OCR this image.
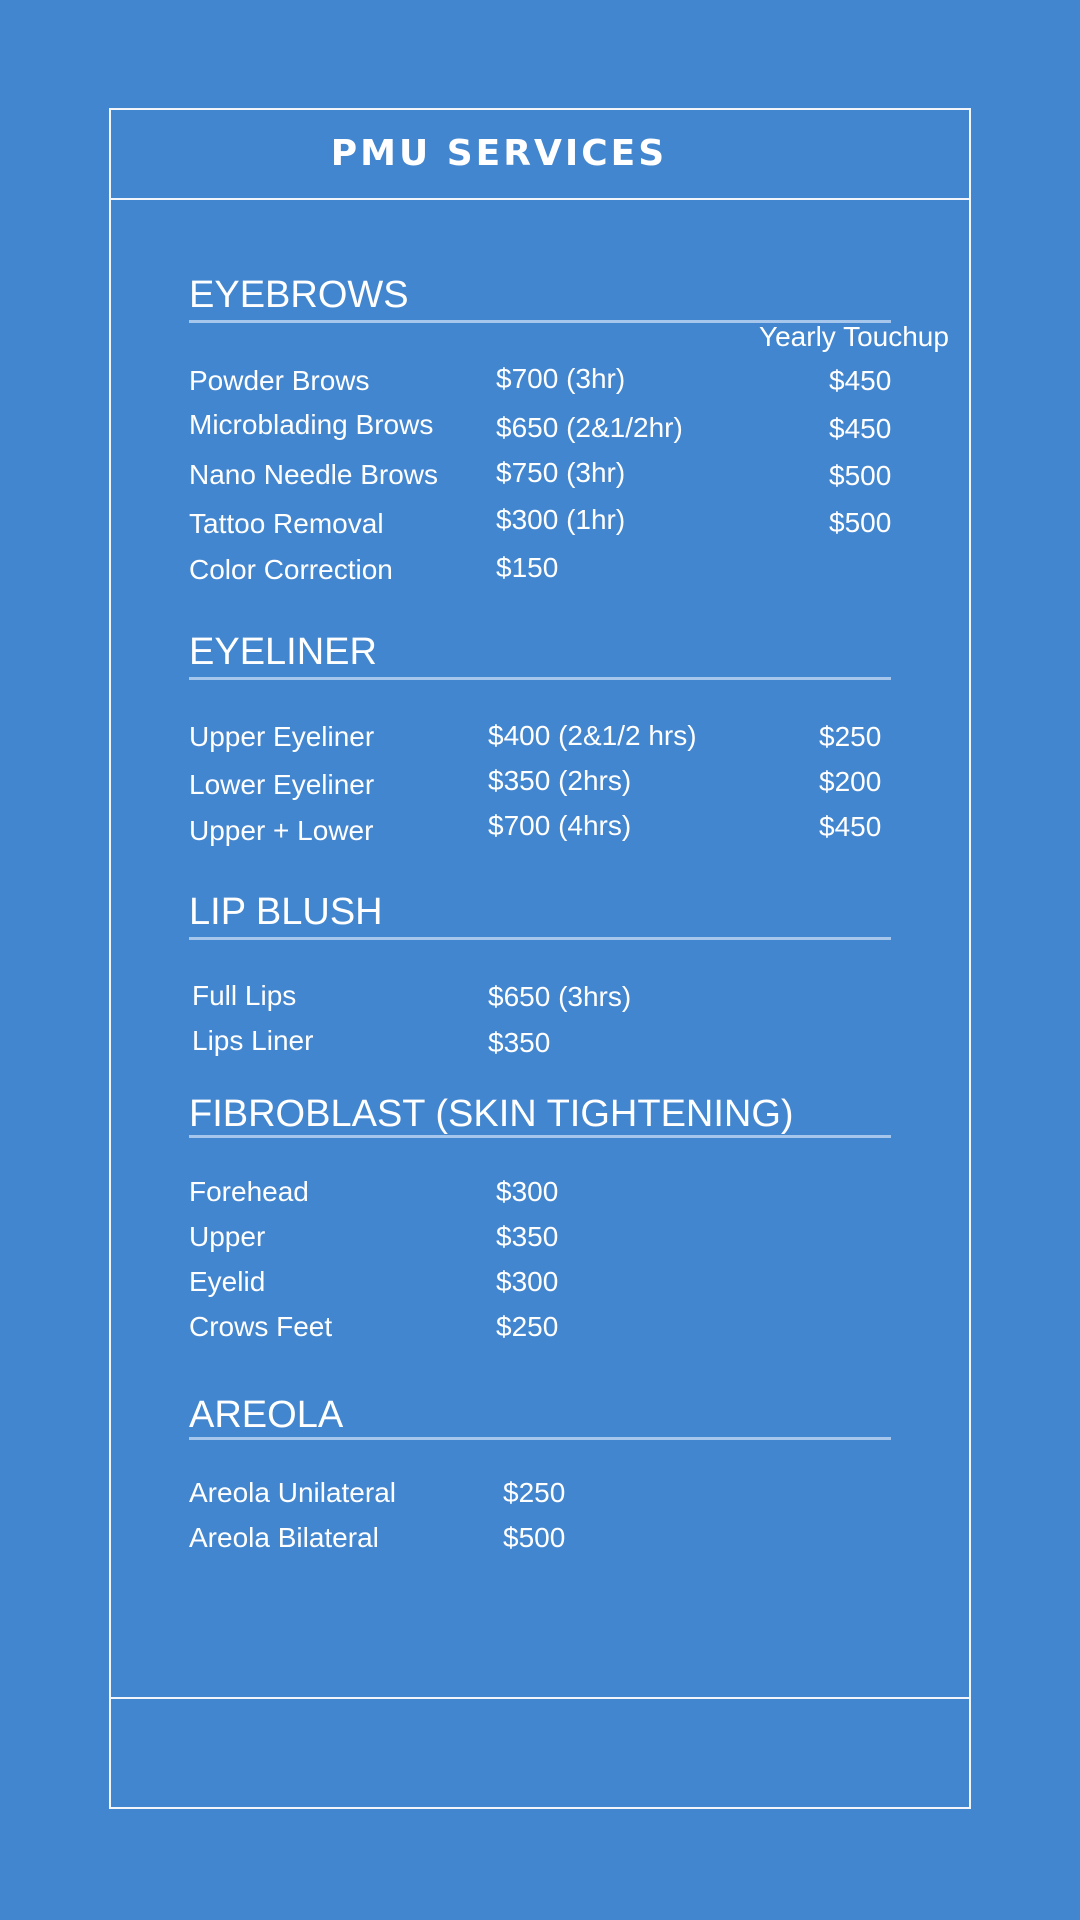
PMU SERVICES
EYEBROWS
Yearly Touchup
Powder Brows	$700 (3hr)	$450
Microblading Brows $650 (2&1/2hr)	$450
Nano Needle Brows $750 (3hr)	$500
Tattoo Removal	$300 (1hr)	$500
Color Correction	$150
EYELINER
Upper Eyeliner	$400 (2&1/2 hrs)	$250
Lower Eyeliner	$350 (2hrs)	$200
Upper + Lower	$700 (4hrs)	$450
LIP BLUSH
Full Lips	$650 (3hrs)
Lips Liner	$350
FIBROBLAST (SKIN TIGHTENING)
Forehead	$300
Upper	$350
Eyelid	$300
Crows Feet	$250
AREOLA
Areola Unilateral	$250
Areola Bilateral	$500
